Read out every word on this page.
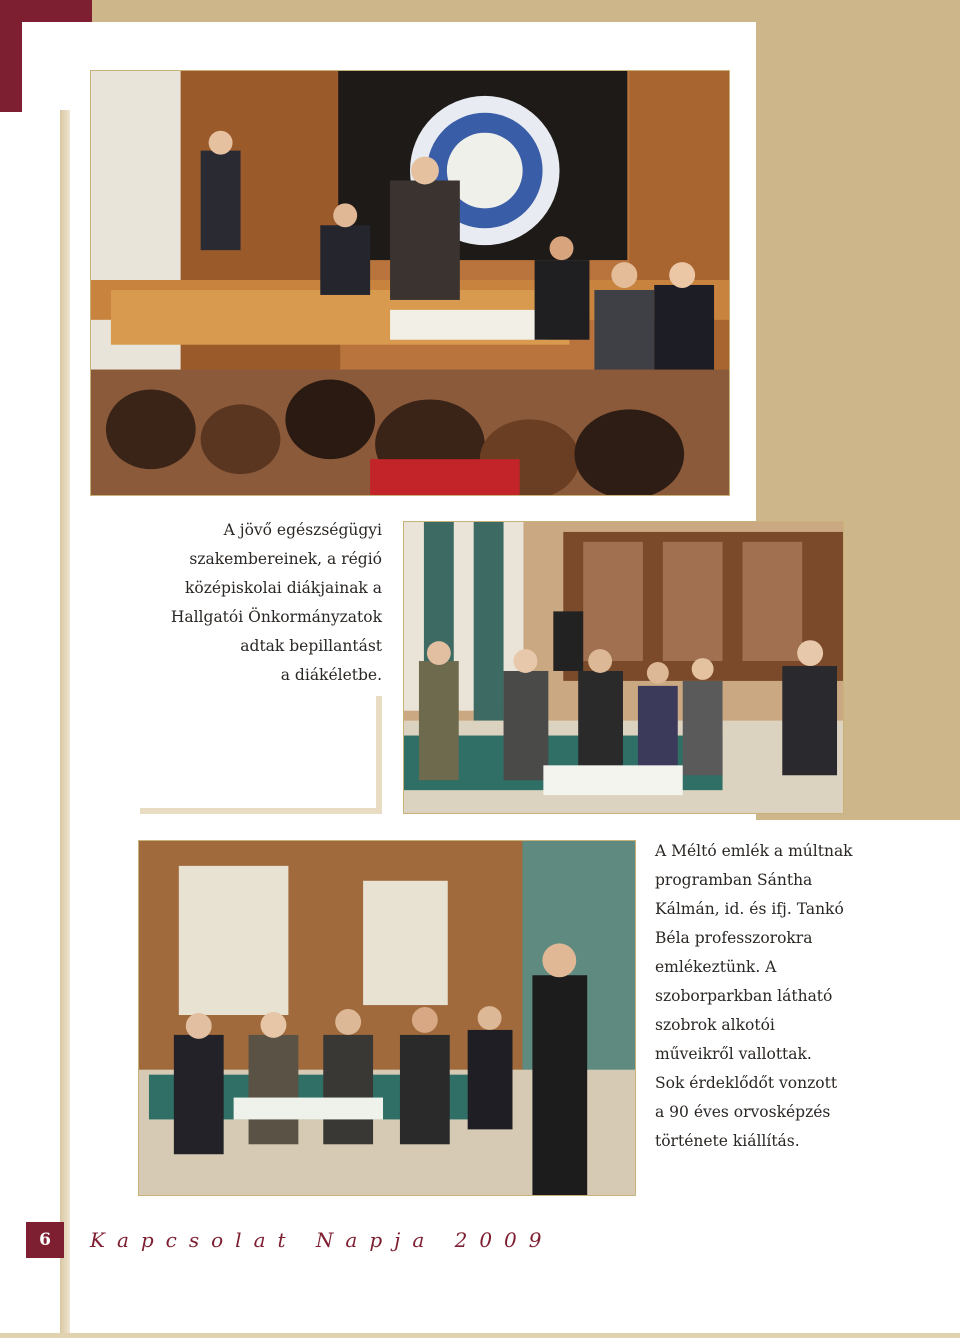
A jövő egészségügyi

szakembereinek, a régió

középiskolai diákjainak a

Hallgatói Önkormányzatok

adtak bepillantást

a diákéletbe.

A Méltó emlék a múltnak

programban Sántha

Kálmán, id. és ifj. Tankó

Béla professzorokra

emlékeztünk. A

szoborparkban látható

szobrok alkotói

műveikről vallottak.

Sok érdeklődőt vonzott

a 90 éves orvosképzés

története kiállítás.

6	Kapcsolat Napja 2009
